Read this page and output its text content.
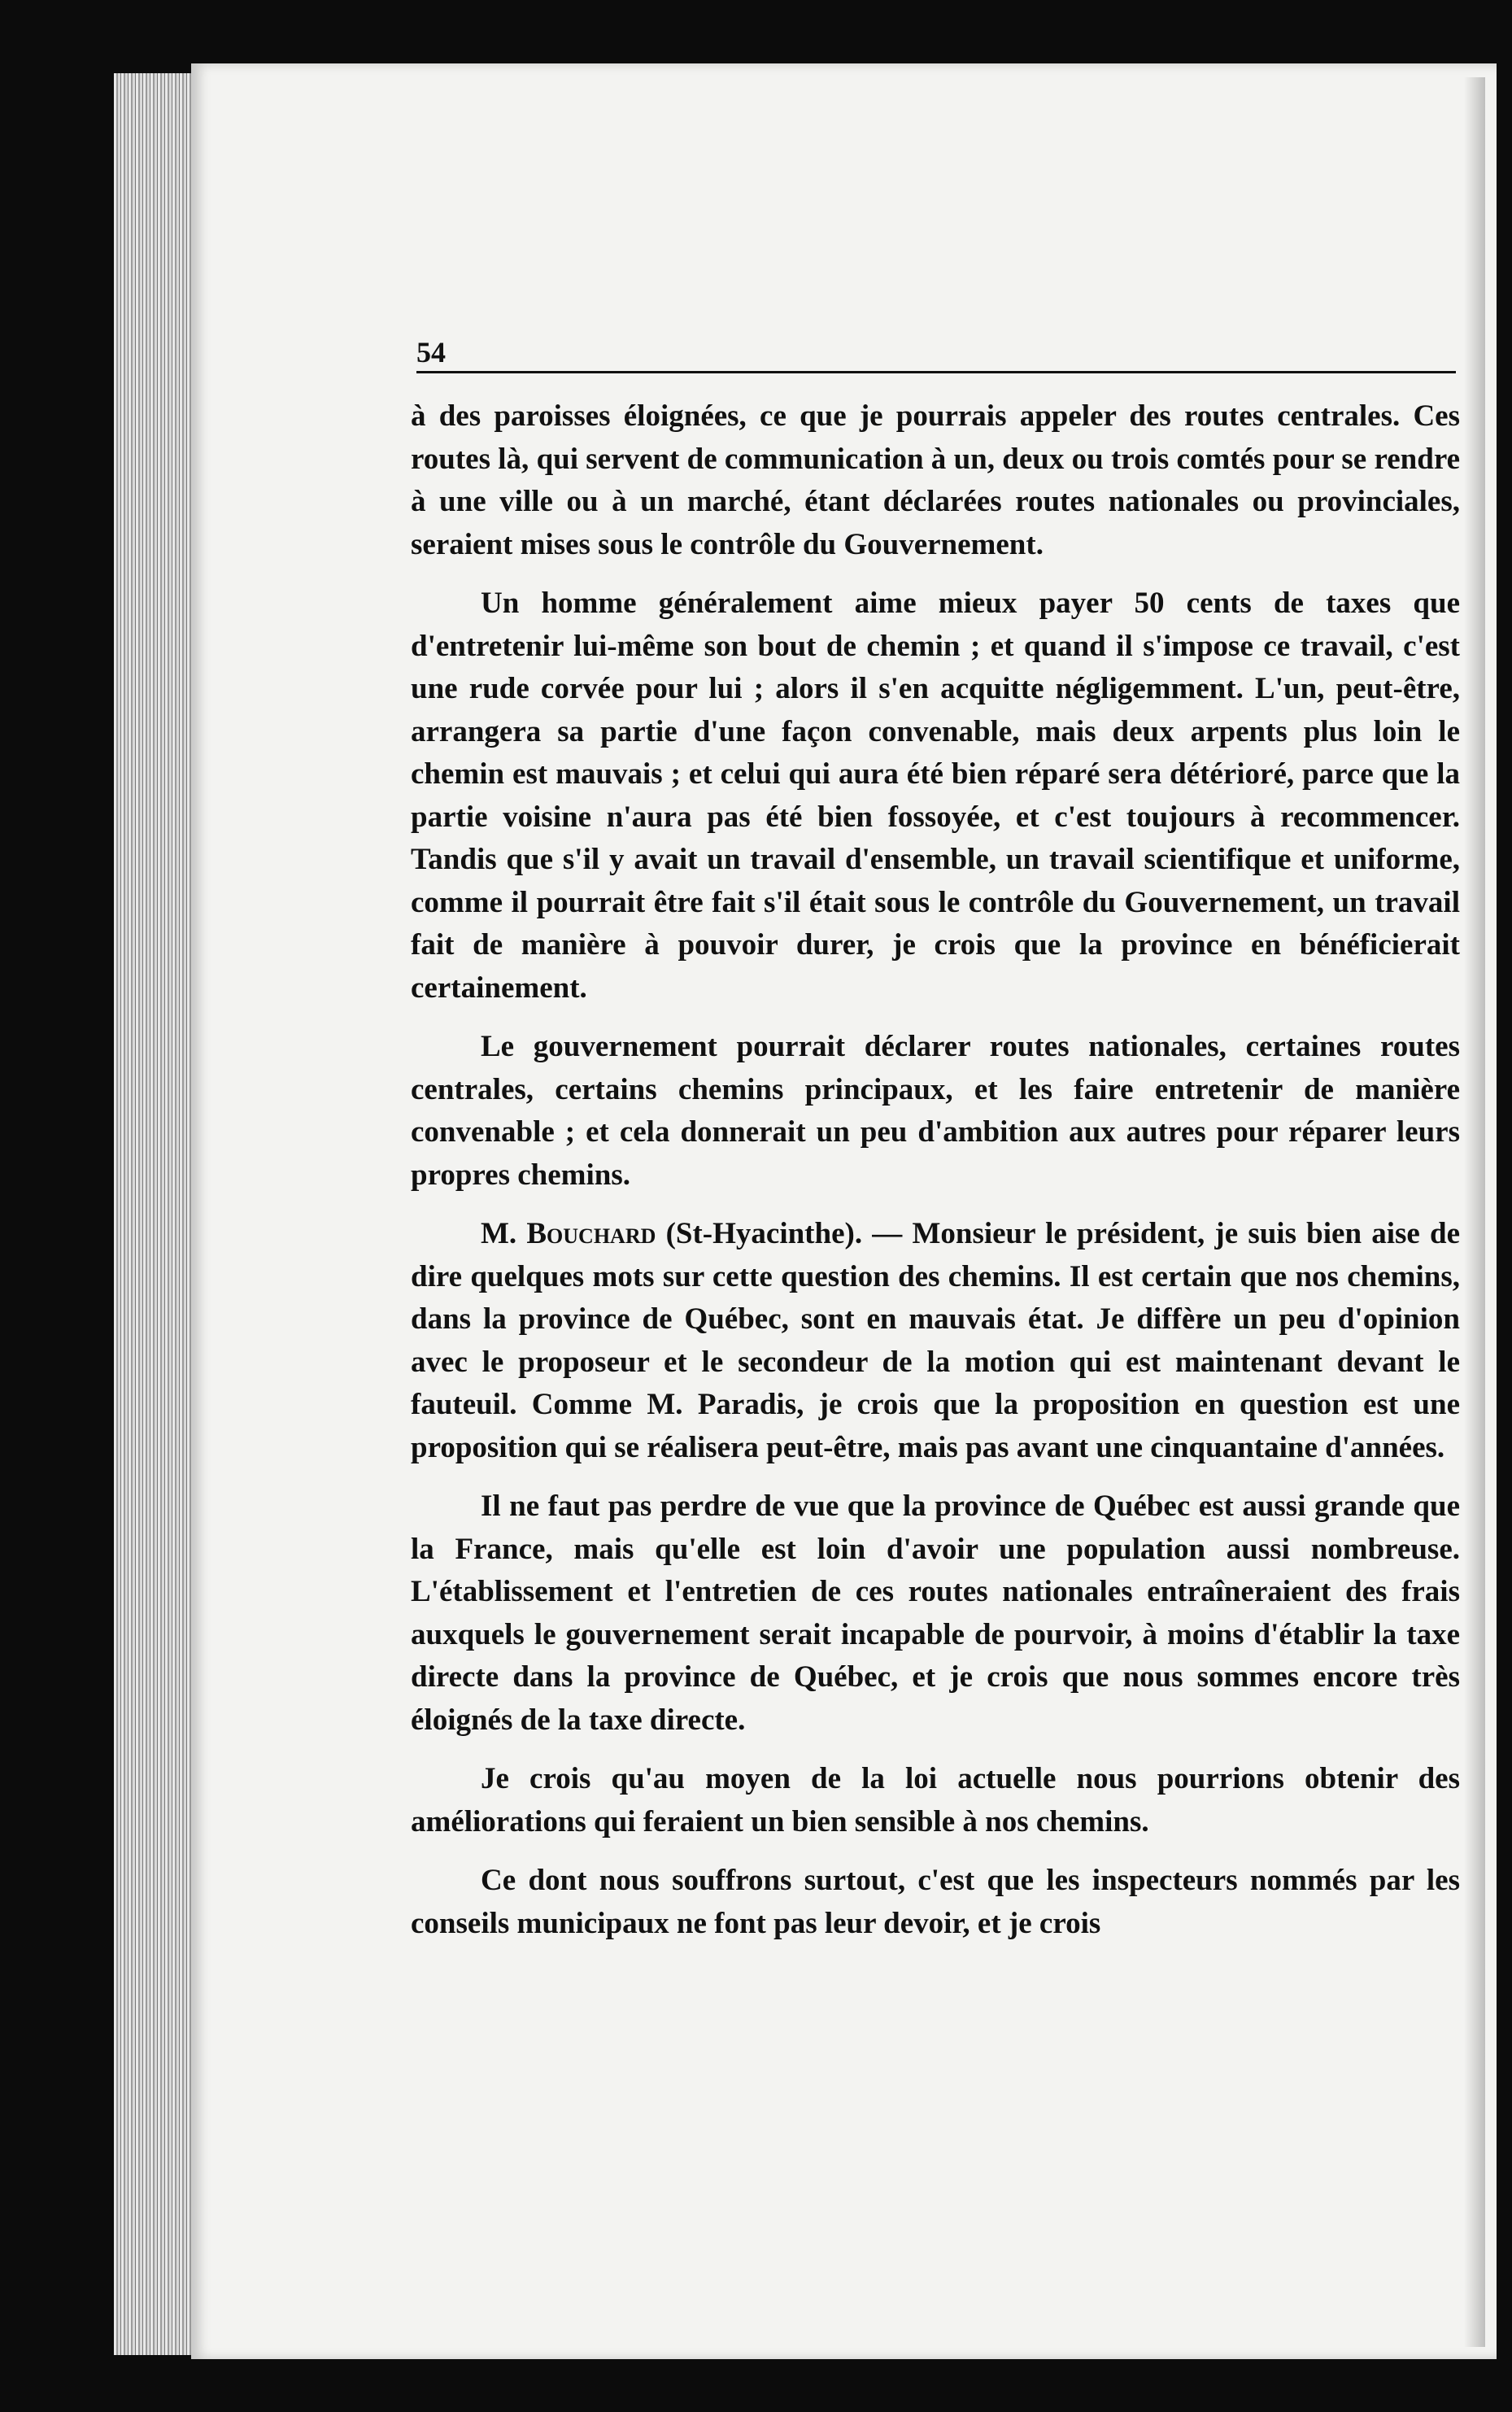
54

à des paroisses éloignées, ce que je pourrais appeler des routes centrales. Ces routes là, qui servent de communication à un, deux ou trois comtés pour se rendre à une ville ou à un marché, étant déclarées routes nationales ou provinciales, seraient mises sous le contrôle du Gouvernement.

Un homme généralement aime mieux payer 50 cents de taxes que d'entretenir lui-même son bout de chemin ; et quand il s'impose ce travail, c'est une rude corvée pour lui ; alors il s'en acquitte négligemment. L'un, peut-être, arrangera sa partie d'une façon convenable, mais deux arpents plus loin le chemin est mauvais ; et celui qui aura été bien réparé sera détérioré, parce que la partie voisine n'aura pas été bien fossoyée, et c'est toujours à recommencer. Tandis que s'il y avait un travail d'ensemble, un travail scientifique et uniforme, comme il pourrait être fait s'il était sous le contrôle du Gouvernement, un travail fait de manière à pouvoir durer, je crois que la province en bénéficierait certainement.

Le gouvernement pourrait déclarer routes nationales, certaines routes centrales, certains chemins principaux, et les faire entretenir de manière convenable ; et cela donnerait un peu d'ambition aux autres pour réparer leurs propres chemins.

M. Bouchard (St-Hyacinthe). — Monsieur le président, je suis bien aise de dire quelques mots sur cette question des chemins. Il est certain que nos chemins, dans la province de Québec, sont en mauvais état. Je diffère un peu d'opinion avec le proposeur et le secondeur de la motion qui est maintenant devant le fauteuil. Comme M. Paradis, je crois que la proposition en question est une proposition qui se réalisera peut-être, mais pas avant une cinquantaine d'années.

Il ne faut pas perdre de vue que la province de Québec est aussi grande que la France, mais qu'elle est loin d'avoir une population aussi nombreuse. L'établissement et l'entretien de ces routes nationales entraîneraient des frais auxquels le gouvernement serait incapable de pourvoir, à moins d'établir la taxe directe dans la province de Québec, et je crois que nous sommes encore très éloignés de la taxe directe.

Je crois qu'au moyen de la loi actuelle nous pourrions obtenir des améliorations qui feraient un bien sensible à nos chemins.

Ce dont nous souffrons surtout, c'est que les inspecteurs nommés par les conseils municipaux ne font pas leur devoir, et je crois
